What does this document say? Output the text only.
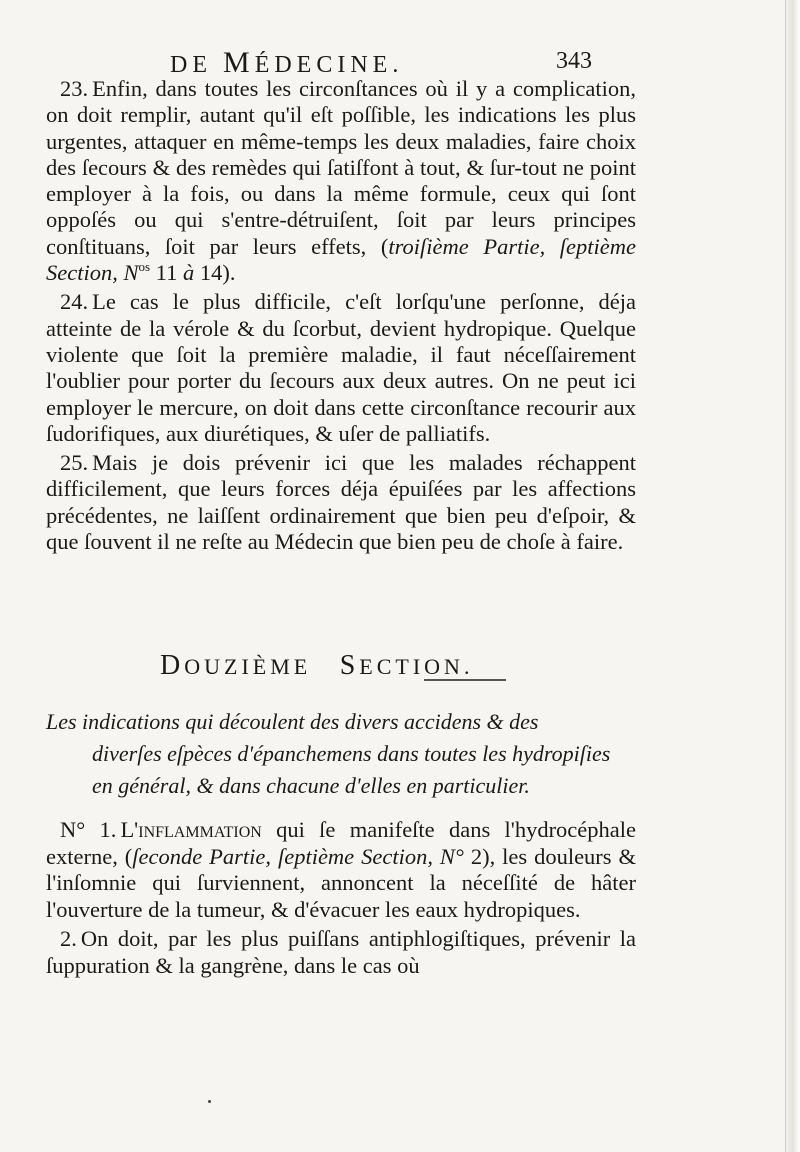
DE MÉDECINE.	343

23. Enfin, dans toutes les circonſtances où il y a complication, on doit remplir, autant qu'il eſt poſſible, les indications les plus urgentes, attaquer en même-temps les deux maladies, faire choix des ſecours & des remèdes qui ſatiſfont à tout, & ſur-tout ne point employer à la fois, ou dans la même formule, ceux qui ſont oppoſés ou qui s'entre-détruiſent, ſoit par leurs principes conſtituans, ſoit par leurs effets, (troiſième Partie, ſeptième Section, $N^{os}$ 11 à 14).

24. Le cas le plus difficile, c'eſt lorſqu'une perſonne, déja atteinte de la vérole & du ſcorbut, devient hydropique. Quelque violente que ſoit la première maladie, il faut néceſſairement l'oublier pour porter du ſecours aux deux autres. On ne peut ici employer le mercure, on doit dans cette circonſtance recourir aux ſudorifiques, aux diurétiques, & uſer de palliatifs.

25. Mais je dois prévenir ici que les malades réchappent difficilement, que leurs forces déja épuiſées par les affections précédentes, ne laiſſent ordinairement que bien peu d'eſpoir, & que ſouvent il ne reſte au Médecin que bien peu de choſe à faire.

DOUZIÈME SECTION.
Les indications qui découlent des divers accidens & des
diverſes eſpèces d'épanchemens dans toutes les hydropiſies
en général, & dans chacune d'elles en particulier.

N° 1. L'inflammation qui ſe manifeſte dans l'hydrocéphale externe, (ſeconde Partie, ſeptième Section, N° 2), les douleurs & l'inſomnie qui ſurviennent, annoncent la néceſſité de hâter l'ouverture de la tumeur, & d'évacuer les eaux hydropiques.

2. On doit, par les plus puiſſans antiphlogiſtiques, prévenir la ſuppuration & la gangrène, dans le cas où
